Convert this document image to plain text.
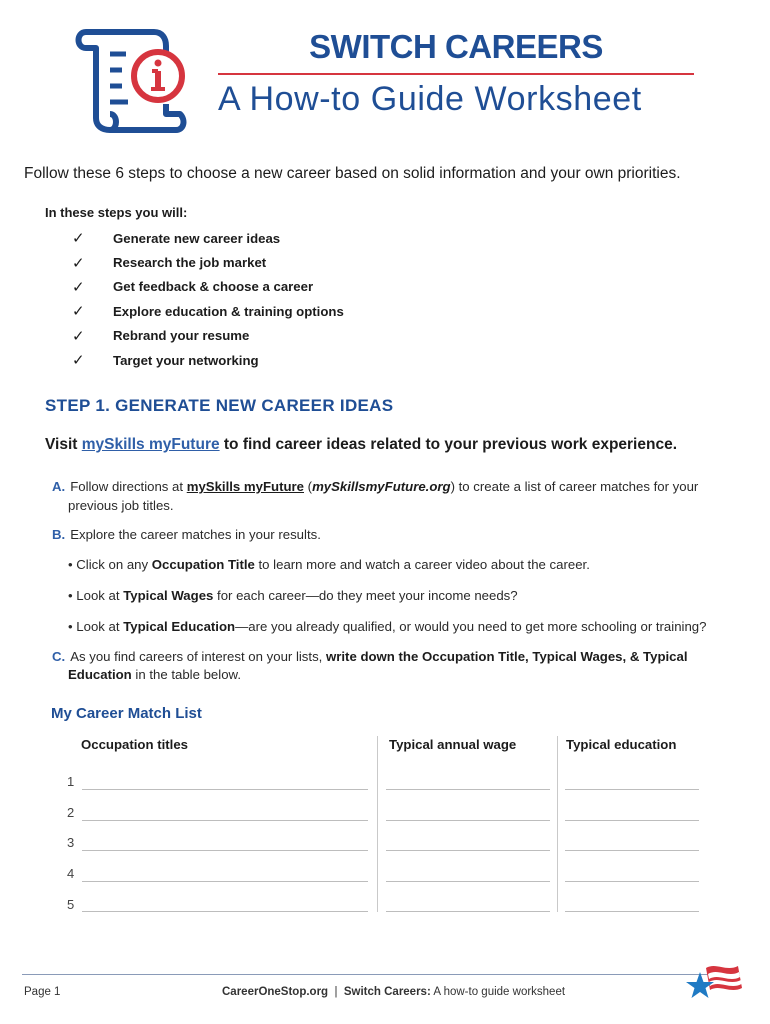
SWITCH CAREERS
A How-to Guide Worksheet
Follow these 6 steps to choose a new career based on solid information and your own priorities.
In these steps you will:
✓	Generate new career ideas
✓	Research the job market
✓	Get feedback & choose a career
✓	Explore education & training options
✓	Rebrand your resume
✓	Target your networking
STEP 1. GENERATE NEW CAREER IDEAS
Visit mySkills myFuture to find career ideas related to your previous work experience.
A. Follow directions at mySkills myFuture (mySkillsmyFuture.org) to create a list of career matches for your
previous job titles.
B. Explore the career matches in your results.
• Click on any Occupation Title to learn more and watch a career video about the career.
• Look at Typical Wages for each career—do they meet your income needs?
• Look at Typical Education—are you already qualified, or would you need to get more schooling or training?
C. As you find careers of interest on your lists, write down the Occupation Title, Typical Wages, & Typical
Education in the table below.
My Career Match List
Occupation titles	Typical annual wage	Typical education
1
2
3
4
5
Page 1	CareerOneStop.org  |  Switch Careers: A how-to guide worksheet
